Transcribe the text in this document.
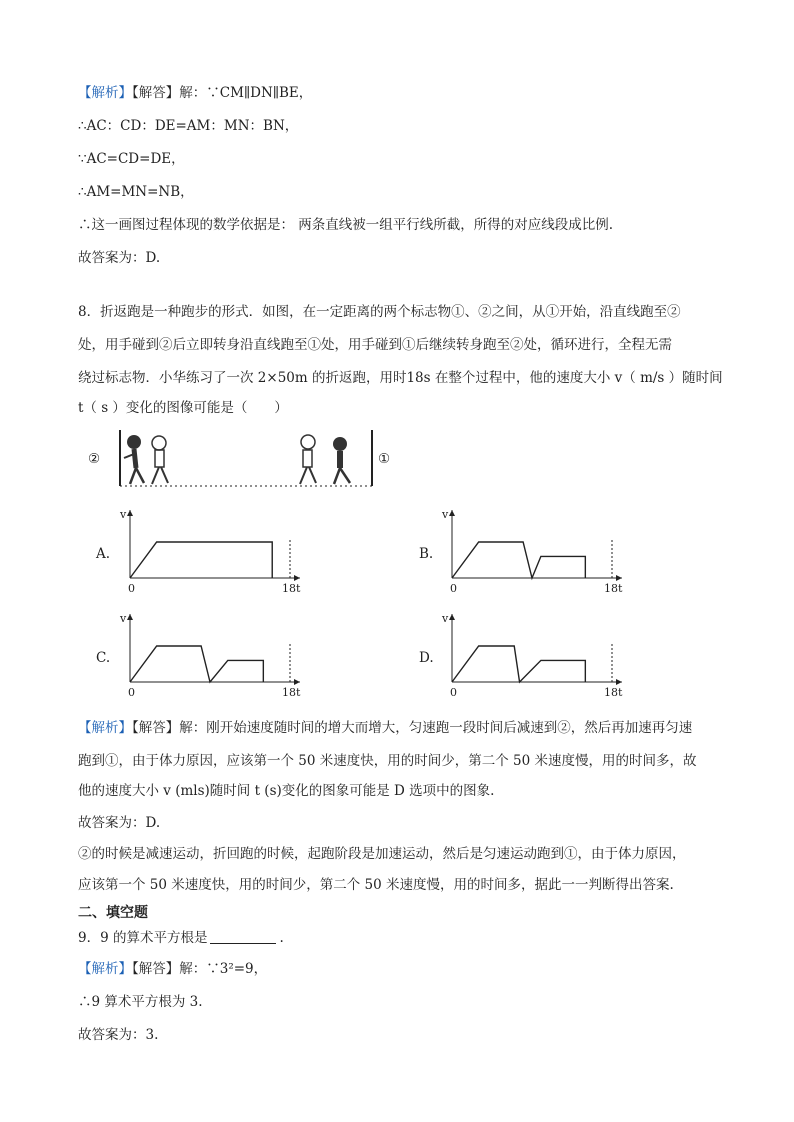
【解析】【解答】解：∵CM∥DN∥BE，
∴AC：CD：DE=AM：MN：BN，
∵AC=CD=DE，
∴AM=MN=NB，
∴这一画图过程体现的数学依据是： 两条直线被一组平行线所截，所得的对应线段成比例.
故答案为：D.
8．折返跑是一种跑步的形式．如图，在一定距离的两个标志物①、②之间，从①开始，沿直线跑至②
处，用手碰到②后立即转身沿直线跑至①处，用手碰到①后继续转身跑至②处，循环进行，全程无需
绕过标志物．小华练习了一次 2×50m 的折返跑，用时18s 在整个过程中，他的速度大小 v（ m/s ）随时间
t（ s ）变化的图像可能是（　　）
②	①
A.	B.
C.	D.
v
t
0	18
v
t
0	18
v
t
0	18
v
t
0	18
【解析】【解答】解：刚开始速度随时间的增大而增大，匀速跑一段时间后减速到②，然后再加速再匀速
跑到①，由于体力原因，应该第一个 50 米速度快，用的时间少，第二个 50 米速度慢，用的时间多，故
他的速度大小 v (mls)随时间 t (s)变化的图象可能是 D 选项中的图象.
故答案为：D.
②的时候是减速运动，折回跑的时候，起跑阶段是加速运动，然后是匀速运动跑到①，由于体力原因，
应该第一个 50 米速度快，用的时间少，第二个 50 米速度慢，用的时间多，据此一一判断得出答案.
二、填空题
9．9 的算术平方根是	.
【解析】【解答】解：∵3²=9，
∴9 算术平方根为 3.
故答案为：3.
